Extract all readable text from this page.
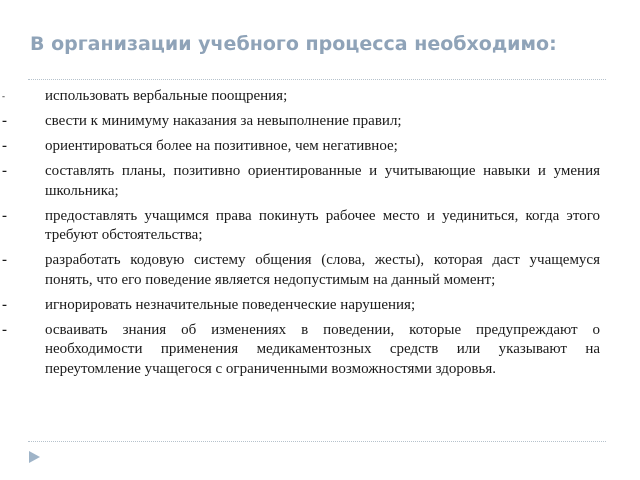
В организации учебного процесса необходимо:
-	использовать вербальные поощрения;
-	свести к минимуму наказания за невыполнение правил;
-	ориентироваться более на позитивное, чем негативное;
-	составлять планы, позитивно ориентированные и учитывающие навыки и умения школьника;
-	предоставлять учащимся права покинуть рабочее место и уединиться, когда этого требуют обстоятельства;
-	разработать кодовую систему общения (слова, жесты), которая даст учащемуся понять, что его поведение является недопустимым на данный момент;
-	игнорировать незначительные поведенческие нарушения;
-	осваивать знания об изменениях в поведении, которые предупреждают о необходимости применения медикаментозных средств или указывают на переутомление учащегося с ограниченными возможностями здоровья.
